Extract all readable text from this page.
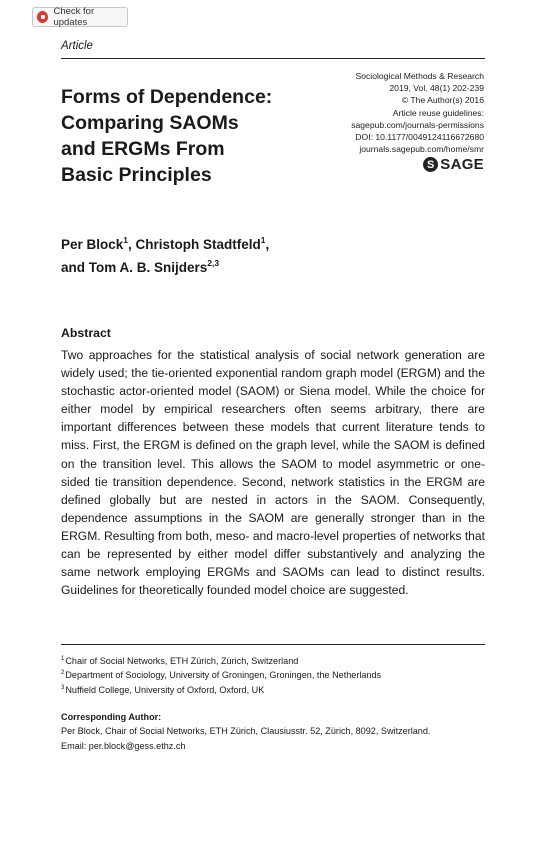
Check for updates
Article
Forms of Dependence:
Comparing SAOMs
and ERGMs From
Basic Principles
Sociological Methods & Research
2019, Vol. 48(1) 202-239
© The Author(s) 2016
Article reuse guidelines:
sagepub.com/journals-permissions
DOI: 10.1177/0049124116672680
journals.sagepub.com/home/smr
S SAGE
Per Block$^1$, Christoph Stadtfeld$^1$,
and Tom A. B. Snijders$^{2,3}$
Abstract
Two approaches for the statistical analysis of social network generation are widely used; the tie-oriented exponential random graph model (ERGM) and the stochastic actor-oriented model (SAOM) or Siena model. While the choice for either model by empirical researchers often seems arbitrary, there are important differences between these models that current literature tends to miss. First, the ERGM is defined on the graph level, while the SAOM is defined on the transition level. This allows the SAOM to model asymmetric or one-sided tie transition dependence. Second, network statistics in the ERGM are defined globally but are nested in actors in the SAOM. Consequently, dependence assumptions in the SAOM are generally stronger than in the ERGM. Resulting from both, meso- and macro-level properties of networks that can be represented by either model differ substantively and analyzing the same network employing ERGMs and SAOMs can lead to distinct results. Guidelines for theoretically founded model choice are suggested.
$^1$Chair of Social Networks, ETH Zürich, Zürich, Switzerland
$^2$Department of Sociology, University of Groningen, Groningen, the Netherlands
$^3$Nuffield College, University of Oxford, Oxford, UK
Corresponding Author:
Per Block, Chair of Social Networks, ETH Zürich, Clausiusstr. 52, Zürich, 8092, Switzerland.
Email: per.block@gess.ethz.ch
